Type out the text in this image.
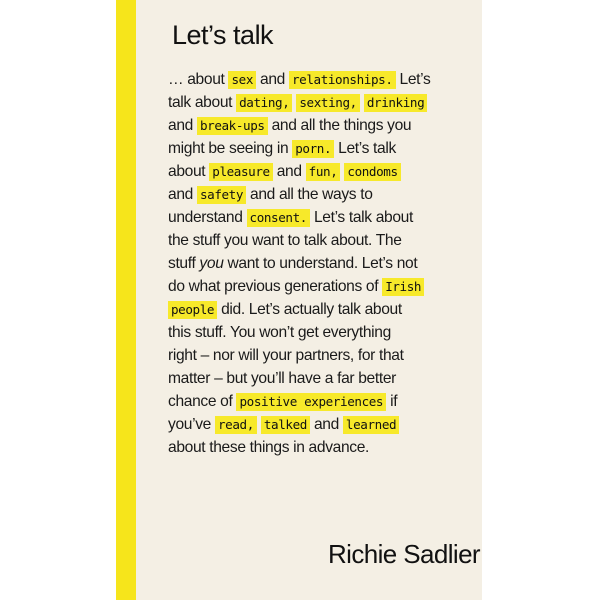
Let’s talk
… about sex and relationships. Let’s
talk about dating, sexting, drinking
and break-ups and all the things you
might be seeing in porn. Let’s talk
about pleasure and fun, condoms
and safety and all the ways to
understand consent. Let’s talk about
the stuff you want to talk about. The
stuff you want to understand. Let’s not
do what previous generations of Irish
people did. Let’s actually talk about
this stuff. You won’t get everything
right – nor will your partners, for that
matter – but you’ll have a far better
chance of positive experiences if
you’ve read, talked and learned
about these things in advance.
Richie Sadlier
